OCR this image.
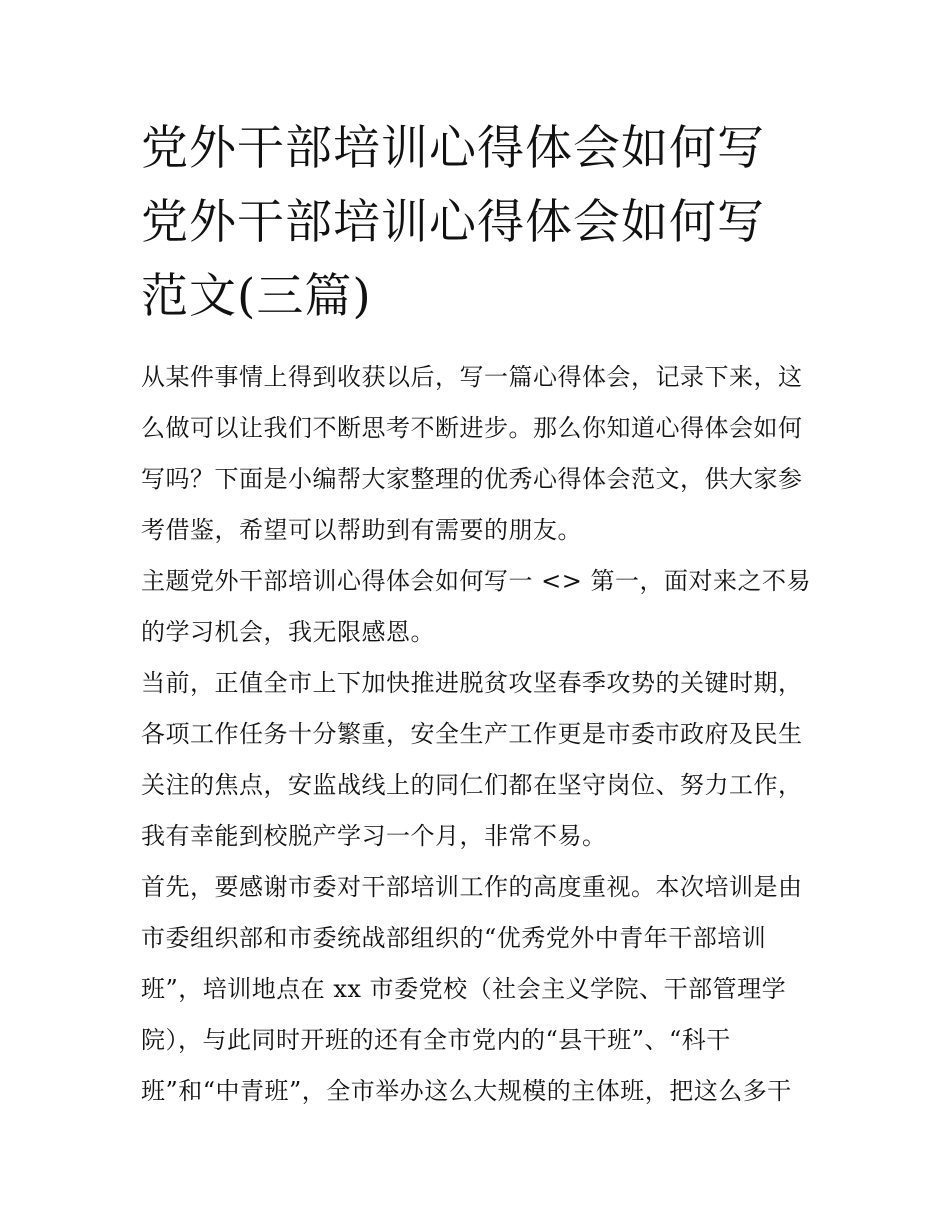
党外干部培训心得体会如何写
党外干部培训心得体会如何写
范文(三篇)

从某件事情上得到收获以后，写一篇心得体会，记录下来，这
么做可以让我们不断思考不断进步。那么你知道心得体会如何
写吗？下面是小编帮大家整理的优秀心得体会范文，供大家参
考借鉴，希望可以帮助到有需要的朋友。

主题党外干部培训心得体会如何写一 <> 第一，面对来之不易
的学习机会，我无限感恩。

当前，正值全市上下加快推进脱贫攻坚春季攻势的关键时期，
各项工作任务十分繁重，安全生产工作更是市委市政府及民生
关注的焦点，安监战线上的同仁们都在坚守岗位、努力工作，
我有幸能到校脱产学习一个月，非常不易。

首先，要感谢市委对干部培训工作的高度重视。本次培训是由
市委组织部和市委统战部组织的“优秀党外中青年干部培训
班”，培训地点在 xx 市委党校（社会主义学院、干部管理学
院），与此同时开班的还有全市党内的“县干班”、“科干
班”和“中青班”，全市举办这么大规模的主体班，把这么多干
